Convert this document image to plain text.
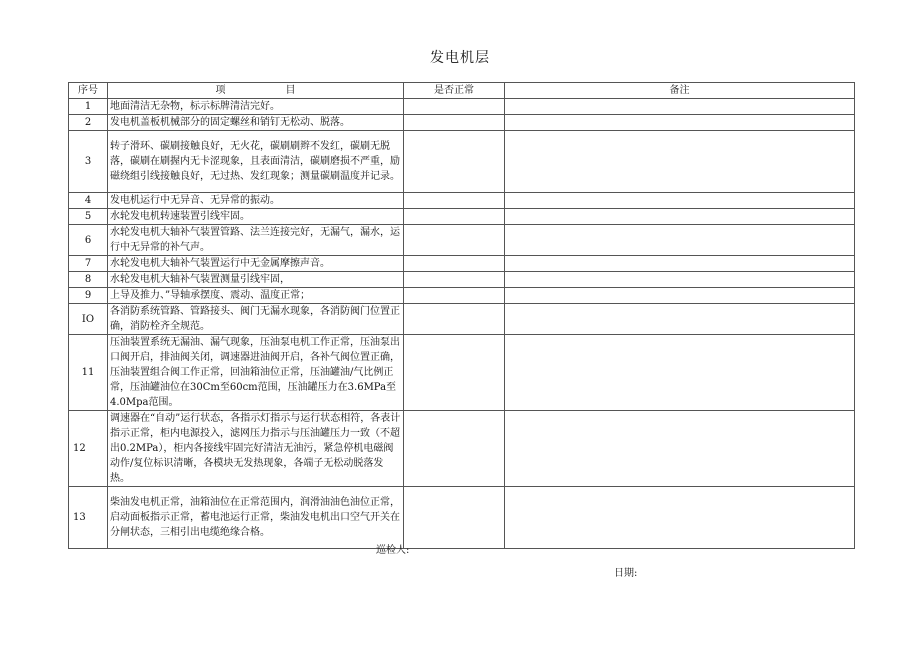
发电机层
序号	项　　　　　　目	是否正常	备注
1	地面清洁无杂物，标示标牌清洁完好。		
2	发电机盖板机械部分的固定螺丝和销钉无松动、脱落。		
3	转子滑环、碳刷接触良好，无火花，碳刷刷辫不发红，碳刷无脱落，碳刷在刷握内无卡涩现象，且表面清洁，碳刷磨损不严重，励磁绕组引线接触良好，无过热、发红现象；测量碳刷温度并记录。		
4	发电机运行中无异音、无异常的振动。		
5	水轮发电机转速装置引线牢固。		
6	水轮发电机大轴补气装置管路、法兰连接完好，无漏气，漏水，运行中无异常的补气声。		
7	水轮发电机大轴补气装置运行中无金属摩擦声音。		
8	水轮发电机大轴补气装置测量引线牢固，		
9	上导及推力、”导轴承摆度、震动、温度正常；		
IO	各消防系统管路、管路接头、阀门无漏水现象，各消防阀门位置正确，消防栓齐全规范。		
11	压油装置系统无漏油、漏气现象，压油泵电机工作正常，压油泵出口阀开启，排油阀关闭，调速器进油阀开启，各补气阀位置正确，压油装置组合阀工作正常，回油箱油位正常，压油罐油/气比例正常，压油罐油位在30Cm至60cm范围，压油罐压力在3.6MPa至4.0Mpa范围。		
12	调速器在“自动”运行状态，各指示灯指示与运行状态相符，各表计指示正常，柜内电源投入，滤网压力指示与压油罐压力一致（不超出0.2MPa），柜内各接线牢固完好清洁无油污，紧急停机电磁阀动作/复位标识清晰，各模块无发热现象，各端子无松动脱落发热。		
13	柴油发电机正常，油箱油位在正常范围内，润滑油油色油位正常，启动面板指示正常，蓄电池运行正常，柴油发电机出口空气开关在分闸状态，三相引出电缆绝缘合格。		
巡检人:
日期:
